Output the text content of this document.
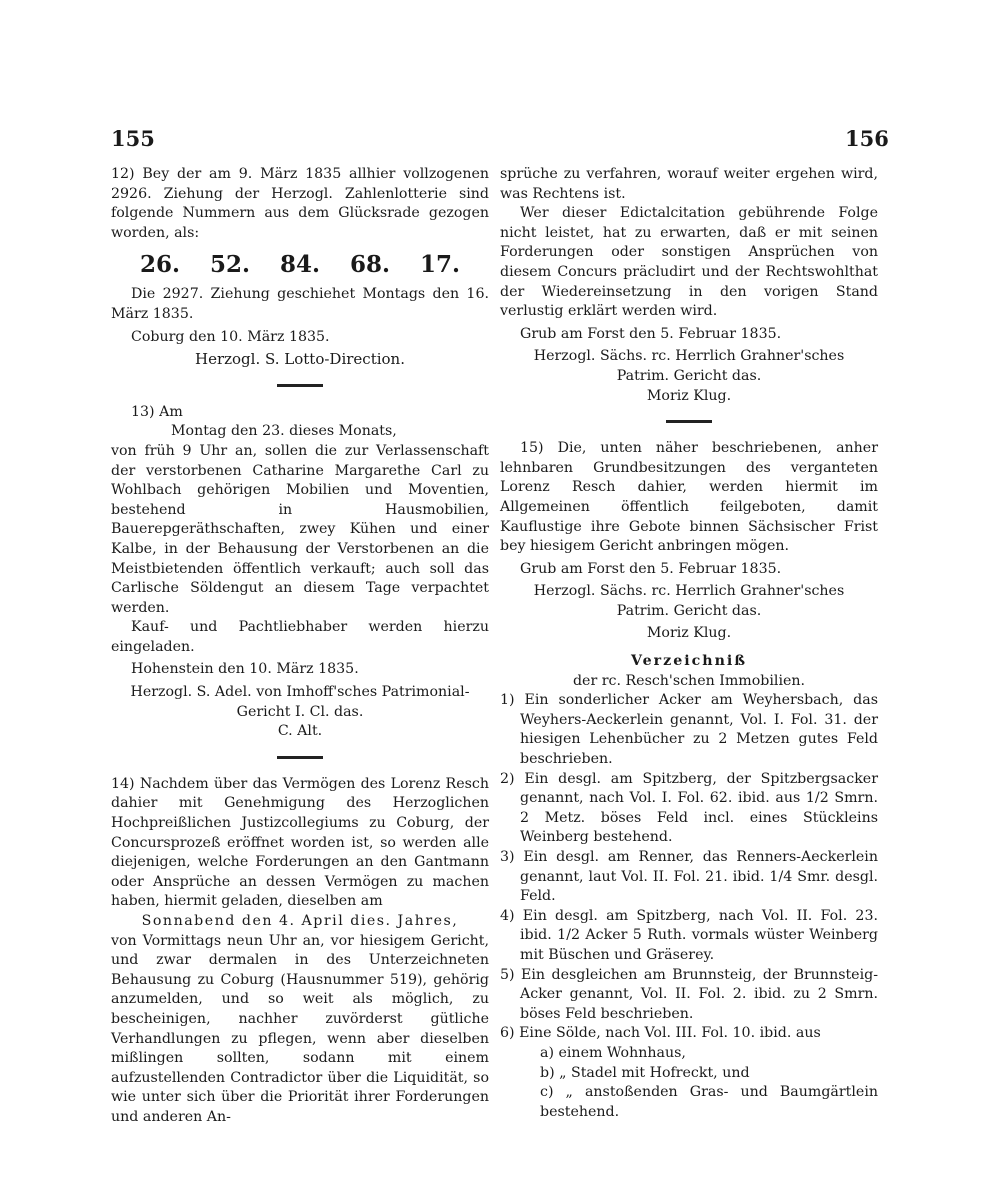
155	156

12) Bey der am 9. März 1835 allhier vollzogenen 2926. Ziehung der Herzogl. Zahlenlotterie sind folgende Nummern aus dem Glücksrade gezogen worden, als:

26. 52. 84. 68. 17.

Die 2927. Ziehung geschiehet Montags den 16. März 1835.

Coburg den 10. März 1835.

Herzogl. S. Lotto-Direction.

13) Am

Montag den 23. dieses Monats,

von früh 9 Uhr an, sollen die zur Verlassenschaft der verstorbenen Catharine Margarethe Carl zu Wohlbach gehörigen Mobilien und Moventien, bestehend in Hausmobilien, Bauerepgeräthschaften, zwey Kühen und einer Kalbe, in der Behausung der Verstorbenen an die Meistbietenden öffentlich verkauft; auch soll das Carlische Söldengut an diesem Tage verpachtet werden.

Kauf- und Pachtliebhaber werden hierzu eingeladen.

Hohenstein den 10. März 1835.

Herzogl. S. Adel. von Imhoff'sches Patrimonial-Gericht I. Cl. das.

C. Alt.

14) Nachdem über das Vermögen des Lorenz Resch dahier mit Genehmigung des Herzoglichen Hochpreißlichen Justizcollegiums zu Coburg, der Concursprozeß eröffnet worden ist, so werden alle diejenigen, welche Forderungen an den Gantmann oder Ansprüche an dessen Vermögen zu machen haben, hiermit geladen, dieselben am

Sonnabend den 4. April dies. Jahres,

von Vormittags neun Uhr an, vor hiesigem Gericht, und zwar dermalen in des Unterzeichneten Behausung zu Coburg (Hausnummer 519), gehörig anzumelden, und so weit als möglich, zu bescheinigen, nachher zuvörderst gütliche Verhandlungen zu pflegen, wenn aber dieselben mißlingen sollten, sodann mit einem aufzustellenden Contradictor über die Liquidität, so wie unter sich über die Priorität ihrer Forderungen und anderen An-

sprüche zu verfahren, worauf weiter ergehen wird, was Rechtens ist.

Wer dieser Edictalcitation gebührende Folge nicht leistet, hat zu erwarten, daß er mit seinen Forderungen oder sonstigen Ansprüchen von diesem Concurs präcludirt und der Rechtswohlthat der Wiedereinsetzung in den vorigen Stand verlustig erklärt werden wird.

Grub am Forst den 5. Februar 1835.

Herzogl. Sächs. rc. Herrlich Grahner'sches Patrim. Gericht das.

Moriz Klug.

15) Die, unten näher beschriebenen, anher lehnbaren Grundbesitzungen des verganteten Lorenz Resch dahier, werden hiermit im Allgemeinen öffentlich feilgeboten, damit Kauflustige ihre Gebote binnen Sächsischer Frist bey hiesigem Gericht anbringen mögen.

Grub am Forst den 5. Februar 1835.

Herzogl. Sächs. rc. Herrlich Grahner'sches Patrim. Gericht das.

Moriz Klug.

Verzeichniß

der rc. Resch'schen Immobilien.

1) Ein sonderlicher Acker am Weyhersbach, das Weyhers-Aeckerlein genannt, Vol. I. Fol. 31. der hiesigen Lehenbücher zu 2 Metzen gutes Feld beschrieben.

2) Ein desgl. am Spitzberg, der Spitzbergsacker genannt, nach Vol. I. Fol. 62. ibid. aus 1/2 Smrn. 2 Metz. böses Feld incl. eines Stückleins Weinberg bestehend.

3) Ein desgl. am Renner, das Renners-Aeckerlein genannt, laut Vol. II. Fol. 21. ibid. 1/4 Smr. desgl. Feld.

4) Ein desgl. am Spitzberg, nach Vol. II. Fol. 23. ibid. 1/2 Acker 5 Ruth. vormals wüster Weinberg mit Büschen und Gräserey.

5) Ein desgleichen am Brunnsteig, der Brunnsteig-Acker genannt, Vol. II. Fol. 2. ibid. zu 2 Smrn. böses Feld beschrieben.

6) Eine Sölde, nach Vol. III. Fol. 10. ibid. aus

a) einem Wohnhaus,

b) „ Stadel mit Hofreckt, und

c) „ anstoßenden Gras- und Baumgärtlein bestehend.
